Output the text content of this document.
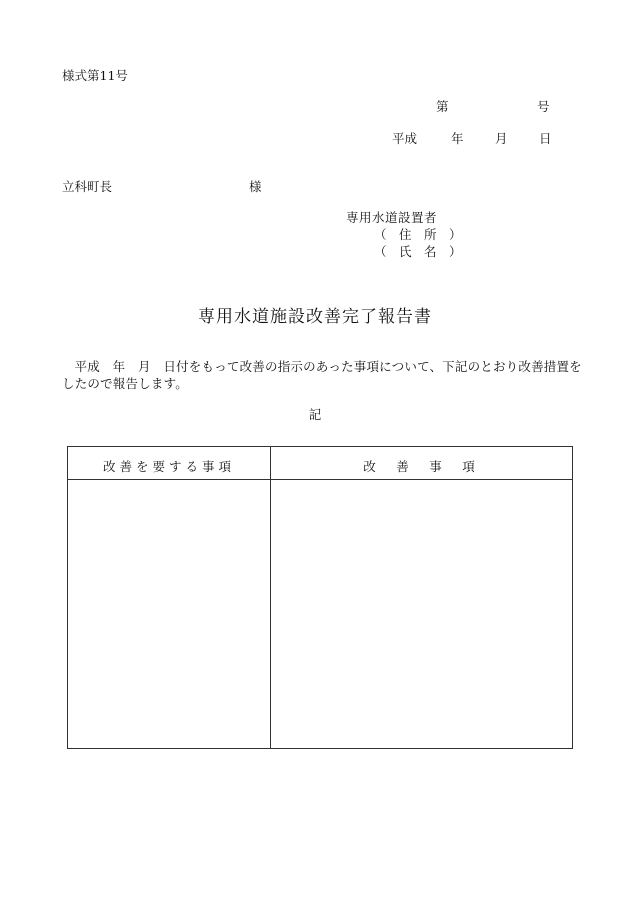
様式第11号
第	号
平成	年	月	日
立科町長	様
専用水道設置者
（　住　所　）
（　氏　名　）
専用水道施設改善完了報告書
平成　年　月　日付をもって改善の指示のあった事項について、下記のとおり改善措置をしたので報告します。
記
改善を要する事項	改　善　事　項
